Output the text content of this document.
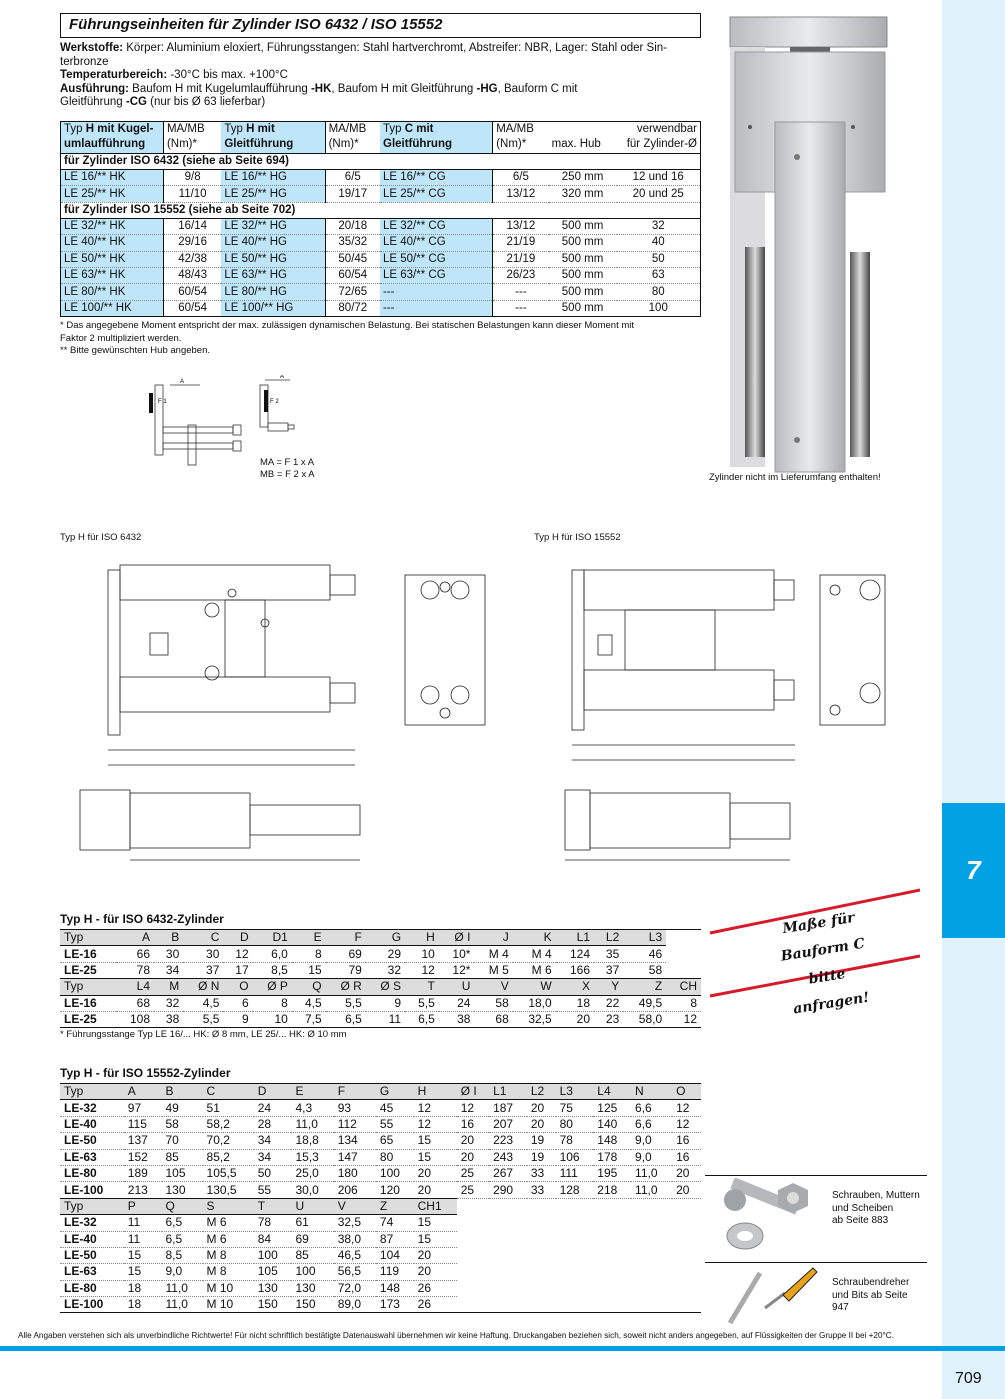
7
Führungseinheiten für Zylinder ISO 6432 / ISO 15552
Werkstoffe: Körper: Aluminium eloxiert, Führungsstangen: Stahl hartverchromt, Abstreifer: NBR, Lager: Stahl oder Sin-
terbronze
Temperaturbereich: -30°C bis max. +100°C
Ausführung: Baufom H mit Kugelumlaufführung -HK, Baufom H mit Gleitführung -HG, Bauform C mit
Gleitführung -CG (nur bis Ø 63 lieferbar)
Typ H mit Kugel-
umlaufführung	MA/MB
(Nm)*	Typ H mit
Gleitführung	MA/MB
(Nm)*	Typ C mit
Gleitführung	MA/MB
(Nm)*	max. Hub	verwendbar
für Zylinder-Ø
für Zylinder ISO 6432 (siehe ab Seite 694)							
LE 16/** HK	9/8	LE 16/** HG	6/5	LE 16/** CG	6/5	250 mm	12 und 16
LE 25/** HK	11/10	LE 25/** HG	19/17	LE 25/** CG	13/12	320 mm	20 und 25
für Zylinder ISO 15552 (siehe ab Seite 702)							
LE 32/** HK	16/14	LE 32/** HG	20/18	LE 32/** CG	13/12	500 mm	32
LE 40/** HK	29/16	LE 40/** HG	35/32	LE 40/** CG	21/19	500 mm	40
LE 50/** HK	42/38	LE 50/** HG	50/45	LE 50/** CG	21/19	500 mm	50
LE 63/** HK	48/43	LE 63/** HG	60/54	LE 63/** CG	26/23	500 mm	63
LE 80/** HK	60/54	LE 80/** HG	72/65	---	---	500 mm	80
LE 100/** HK	60/54	LE 100/** HG	80/72	---	---	500 mm	100
* Das angegebene Moment entspricht der max. zulässigen dynamischen Belastung. Bei statischen Belastungen kann dieser Moment mit
Faktor 2 multipliziert werden.
** Bitte gewünschten Hub angeben.
A
F 1
A
F 2
MA = F 1 x A
MB = F 2 x A	Zylinder nicht im Lieferumfang enthalten!
Typ H für ISO 6432	Typ H für ISO 15552
Typ H - für ISO 6432-Zylinder
Typ	A	B	C	D	D1	E	F	G	H	Ø I	J	K	L1	L2	L3	
LE-16	66	30	30	12	6,0	8	69	29	10	10*	M 4	M 4	124	35	46	
LE-25	78	34	37	17	8,5	15	79	32	12	12*	M 5	M 6	166	37	58	
Typ	L4	M	Ø N	O	Ø P	Q	Ø R	Ø S	T	U	V	W	X	Y	Z	CH
LE-16	68	32	4,5	6	8	4,5	5,5	9	5,5	24	58	18,0	18	22	49,5	8
LE-25	108	38	5,5	9	10	7,5	6,5	11	6,5	38	68	32,5	20	23	58,0	12
* Führungsstange Typ LE 16/... HK: Ø 8 mm, LE 25/... HK: Ø 10 mm
Typ H - für ISO 15552-Zylinder
Typ	A	B	C	D	E	F	G	H	Ø I	L1	L2	L3	L4	N	O
LE-32	97	49	51	24	4,3	93	45	12	12	187	20	75	125	6,6	12
LE-40	115	58	58,2	28	11,0	112	55	12	16	207	20	80	140	6,6	12
LE-50	137	70	70,2	34	18,8	134	65	15	20	223	19	78	148	9,0	16
LE-63	152	85	85,2	34	15,3	147	80	15	20	243	19	106	178	9,0	16
LE-80	189	105	105,5	50	25,0	180	100	20	25	267	33	111	195	11,0	20
LE-100	213	130	130,5	55	30,0	206	120	20	25	290	33	128	218	11,0	20
Typ	P	Q	S	T	U	V	Z	CH1							
LE-32	11	6,5	M 6	78	61	32,5	74	15							
LE-40	11	6,5	M 6	84	69	38,0	87	15							
LE-50	15	8,5	M 8	100	85	46,5	104	20							
LE-63	15	9,0	M 8	105	100	56,5	119	20							
LE-80	18	11,0	M 10	130	130	72,0	148	26							
LE-100	18	11,0	M 10	150	150	89,0	173	26							
Maße für
Bauform C
bitte anfragen!
Schrauben, Muttern
und Scheiben
ab Seite 883
Schraubendreher
und Bits ab Seite 947
Alle Angaben verstehen sich als unverbindliche Richtwerte! Für nicht schriftlich bestätigte Datenauswahl übernehmen wir keine Haftung. Druckangaben beziehen sich, soweit nicht anders angegeben, auf Flüssigkeiten der Gruppe II bei +20°C.
709
